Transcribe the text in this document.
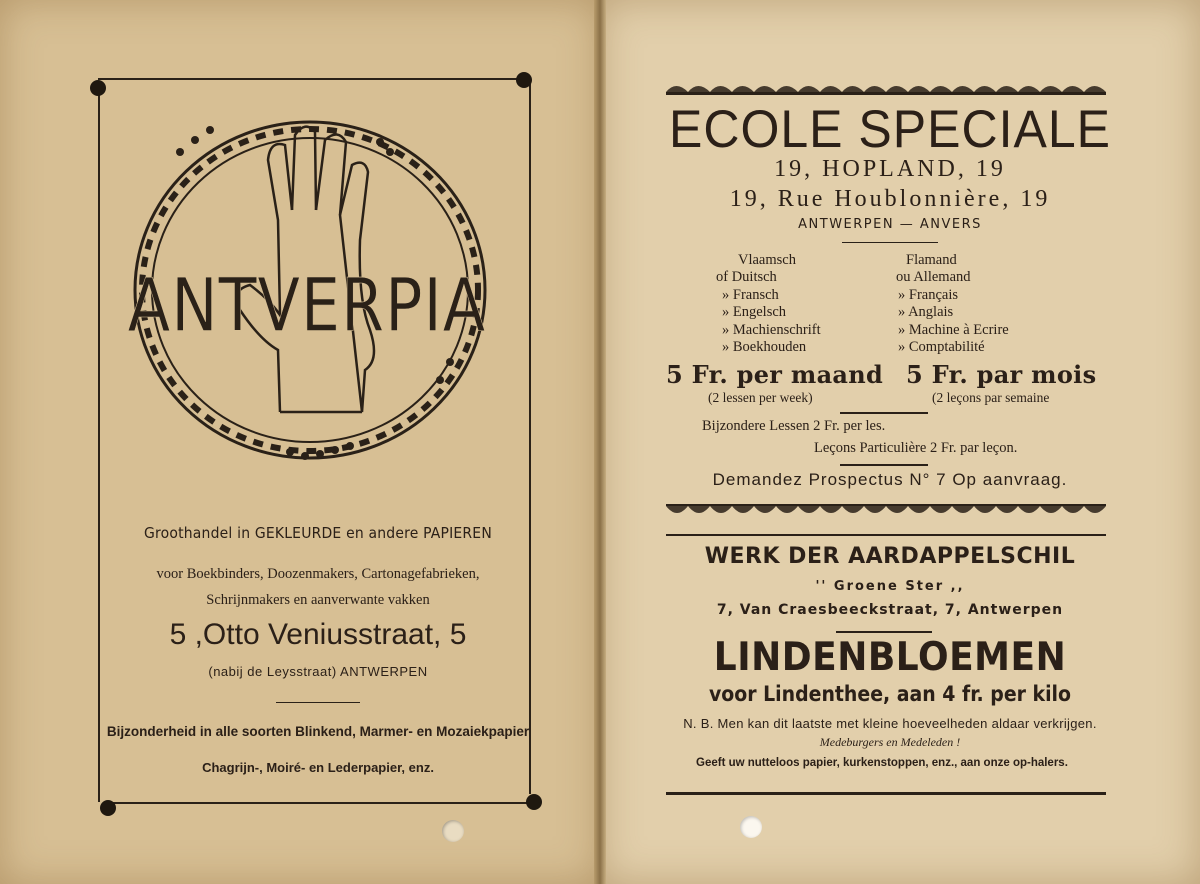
ANTVERPIA
Groothandel in GEKLEURDE en andere PAPIEREN
voor Boekbinders, Doozenmakers, Cartonagefabrieken,
Schrijnmakers en aanverwante vakken
5 ,Otto Veniusstraat, 5
(nabij de Leysstraat) ANTWERPEN
Bijzonderheid in alle soorten Blinkend, Marmer- en Mozaiekpapier
Chagrijn-, Moiré- en Lederpapier, enz.
ECOLE SPECIALE
19, HOPLAND, 19
19, Rue Houblonnière, 19
ANTWERPEN — ANVERS
Vlaamsch
of Duitsch
» Fransch
» Engelsch
» Machienschrift
» Boekhouden
Flamand
ou Allemand
» Français
» Anglais
» Machine à Ecrire
» Comptabilité
5 Fr. per maand 5 Fr. par mois
(2 lessen per week)	(2 leçons par semaine
Bijzondere Lessen 2 Fr. per les.
Leçons Particulière 2 Fr. par leçon.
Demandez Prospectus N° 7 Op aanvraag.
WERK DER AARDAPPELSCHIL
'' Groene Ster ,,
7, Van Craesbeeckstraat, 7, Antwerpen
LINDENBLOEMEN
voor Lindenthee, aan 4 fr. per kilo
N. B. Men kan dit laatste met kleine hoeveelheden aldaar verkrijgen.
Medeburgers en Medeleden !
Geeft uw nutteloos papier, kurkenstoppen, enz., aan onze op-halers.
